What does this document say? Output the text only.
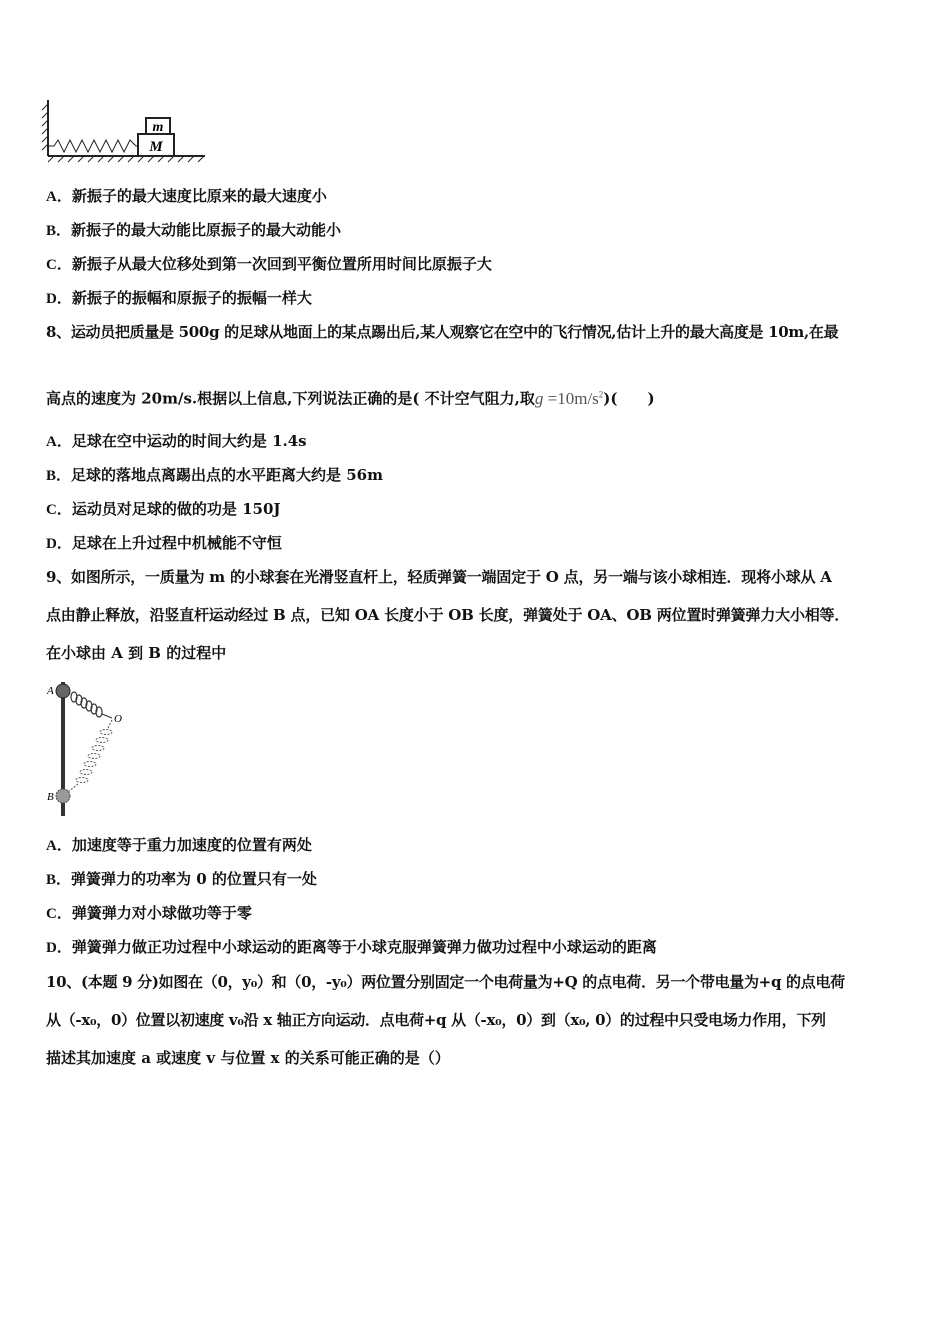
m
M
A．新振子的最大速度比原来的最大速度小
B．新振子的最大动能比原振子的最大动能小
C．新振子从最大位移处到第一次回到平衡位置所用时间比原振子大
D．新振子的振幅和原振子的振幅一样大
8、运动员把质量是 500g 的足球从地面上的某点踢出后,某人观察它在空中的飞行情况,估计上升的最大高度是 10m,在最
高点的速度为 20m/s.根据以上信息,下列说法正确的是( 不计空气阻力,取$g =10m/s^2$)(　　)
A．足球在空中运动的时间大约是 1.4s
B．足球的落地点离踢出点的水平距离大约是 56m
C．运动员对足球的做的功是 150J
D．足球在上升过程中机械能不守恒
9、如图所示，一质量为 m 的小球套在光滑竖直杆上，轻质弹簧一端固定于 O 点，另一端与该小球相连．现将小球从 A
点由静止释放，沿竖直杆运动经过 B 点，已知 OA 长度小于 OB 长度，弹簧处于 OA、OB 两位置时弹簧弹力大小相等．
在小球由 A 到 B 的过程中
A
O
B
A．加速度等于重力加速度的位置有两处
B．弹簧弹力的功率为 0 的位置只有一处
C．弹簧弹力对小球做功等于零
D．弹簧弹力做正功过程中小球运动的距离等于小球克服弹簧弹力做功过程中小球运动的距离
10、(本题 9 分)如图在（0，y₀）和（0，-y₀）两位置分别固定一个电荷量为+Q 的点电荷．另一个带电量为+q 的点电荷
从（-x₀，0）位置以初速度 v₀沿 x 轴正方向运动．点电荷+q 从（-x₀，0）到（x₀, 0）的过程中只受电场力作用，下列
描述其加速度 a 或速度 v 与位置 x 的关系可能正确的是（）
